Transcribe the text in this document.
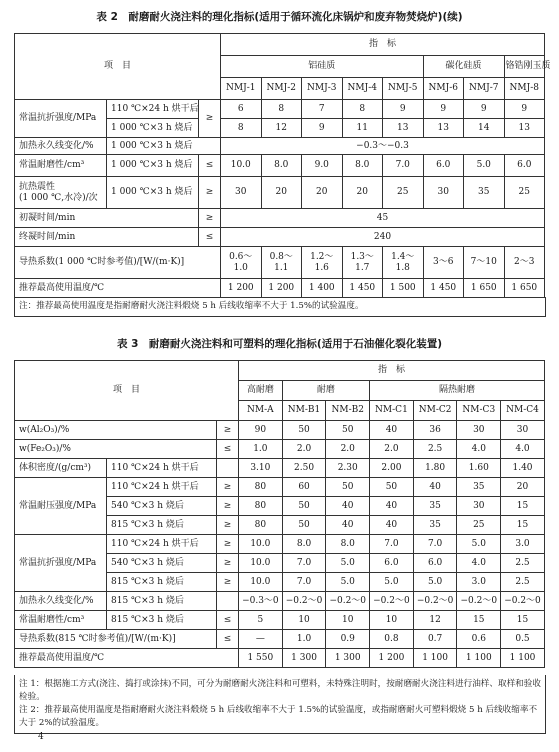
表 2　耐磨耐火浇注料的理化指标(适用于循环流化床锅炉和废弃物焚烧炉)(续)
项　目			指　标							
			铝硅质					碳化硅质		铬锆刚玉质
			NMJ-1	NMJ-2	NMJ-3	NMJ-4	NMJ-5	NMJ-6	NMJ-7	NMJ-8
常温抗折强度/MPa	110 ℃×24 h 烘干后	≥	6	8	7	8	9	9	9	9
	1 000 ℃×3 h 烧后		8	12	9	11	13	13	14	13
加热永久线变化/%	1 000 ℃×3 h 烧后		−0.3～−0.3							
常温耐磨性/cm³	1 000 ℃×3 h 烧后	≤	10.0	8.0	9.0	8.0	7.0	6.0	5.0	6.0
抗热震性
(1 000 ℃,水冷)/次	1 000 ℃×3 h 烧后	≥	30	20	20	20	25	30	35	25
初凝时间/min		≥	45							
终凝时间/min		≤	240							
导热系数(1 000 ℃时参考值)/[W/(m·K)]			0.6～
1.0	0.8～
1.1	1.2～
1.6	1.3～
1.7	1.4～
1.8	3～6	7～10	2～3
推荐最高使用温度/℃			1 200	1 200	1 400	1 450	1 500	1 450	1 650	1 650

注：推荐最高使用温度是指耐磨耐火浇注料煅烧 5 h 后线收缩率不大于 1.5%的试验温度。

表 3　耐磨耐火浇注料和可塑料的理化指标(适用于石油催化裂化装置)
项　目			指　标						
			高耐磨	耐磨		隔热耐磨			
			NM-A	NM-B1	NM-B2	NM-C1	NM-C2	NM-C3	NM-C4
w(Al₂O₃)/%		≥	90	50	50	40	36	30	30
w(Fe₂O₃)/%		≤	1.0	2.0	2.0	2.0	2.5	4.0	4.0
体积密度/(g/cm³)	110 ℃×24 h 烘干后		3.10	2.50	2.30	2.00	1.80	1.60	1.40
常温耐压强度/MPa	110 ℃×24 h 烘干后	≥	80	60	50	50	40	35	20
	540 ℃×3 h 烧后	≥	80	50	40	40	35	30	15
	815 ℃×3 h 烧后	≥	80	50	40	40	35	25	15
常温抗折强度/MPa	110 ℃×24 h 烘干后	≥	10.0	8.0	8.0	7.0	7.0	5.0	3.0
	540 ℃×3 h 烧后	≥	10.0	7.0	5.0	6.0	6.0	4.0	2.5
	815 ℃×3 h 烧后	≥	10.0	7.0	5.0	5.0	5.0	3.0	2.5
加热永久线变化/%	815 ℃×3 h 烧后		−0.3～0	−0.2～0	−0.2～0	−0.2～0	−0.2～0	−0.2～0	−0.2～0
常温耐磨性/cm³	815 ℃×3 h 烧后	≤	5	10	10	10	12	15	15
导热系数(815 ℃时参考值)/[W/(m·K)]		≤	—	1.0	0.9	0.8	0.7	0.6	0.5
推荐最高使用温度/℃			1 550	1 300	1 300	1 200	1 100	1 100	1 100

注 1：根据施工方式(浇注、捣打或涂抹)不同，可分为耐磨耐火浇注料和可塑料，未特殊注明时，按耐磨耐火浇注料进行油样、取样和验收检验。

注 2：推荐最高使用温度是指耐磨耐火浇注料煅烧 5 h 后线收缩率不大于 1.5%的试验温度，或指耐磨耐火可塑料煅烧 5 h 后线收缩率不大于 2%的试验温度。

4
